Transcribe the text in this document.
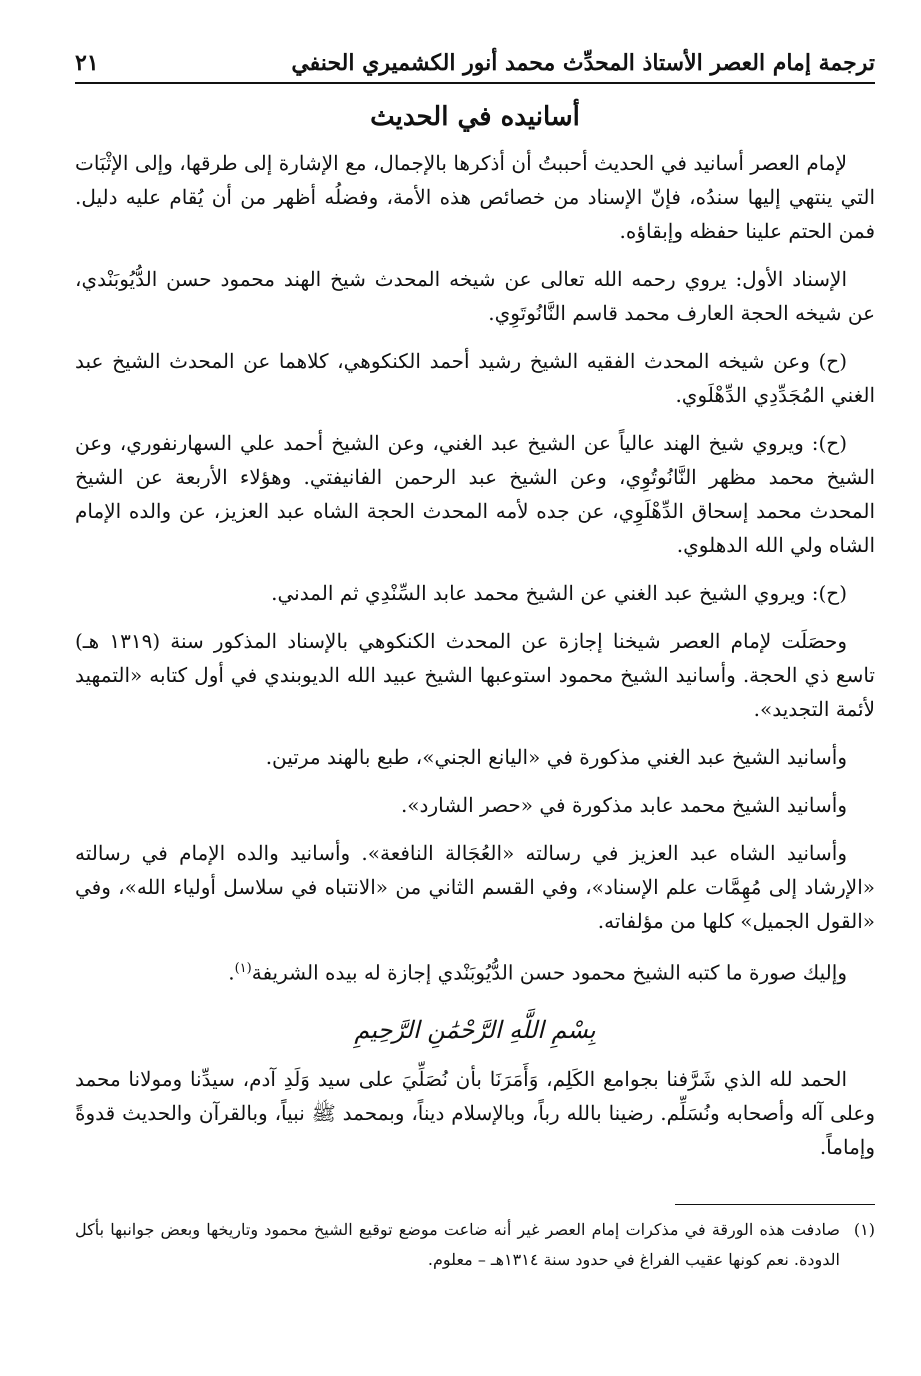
ترجمة إمام العصر الأستاذ المحدِّث محمد أنور الكشميري الحنفي
٢١
أسانيده في الحديث

لإمام العصر أسانيد في الحديث أحببتُ أن أذكرها بالإجمال، مع الإشارة إلى طرقها، وإلى الإثْبَات التي ينتهي إليها سندُه، فإنّ الإسناد من خصائص هذه الأمة، وفضلُه أظهر من أن يُقام عليه دليل. فمن الحتم علينا حفظه وإبقاؤه.

الإسناد الأول: يروي رحمه الله تعالى عن شيخه المحدث شيخ الهند محمود حسن الدُّيُوبَنْدي، عن شيخه الحجة العارف محمد قاسم النَّانُوتَوِي.

(ح) وعن شيخه المحدث الفقيه الشيخ رشيد أحمد الكنكوهي، كلاهما عن المحدث الشيخ عبد الغني المُجَدِّدِي الدِّهْلَوي.

(ح): ويروي شيخ الهند عالياً عن الشيخ عبد الغني، وعن الشيخ أحمد علي السهارنفوري، وعن الشيخ محمد مظهر النَّانُوتُوِي، وعن الشيخ عبد الرحمن الفانيفتي. وهؤلاء الأربعة عن الشيخ المحدث محمد إسحاق الدِّهْلَوِي، عن جده لأمه المحدث الحجة الشاه عبد العزيز، عن والده الإمام الشاه ولي الله الدهلوي.

(ح): ويروي الشيخ عبد الغني عن الشيخ محمد عابد السِّنْدِي ثم المدني.

وحصَلَت لإمام العصر شيخنا إجازة عن المحدث الكنكوهي بالإسناد المذكور سنة (١٣١٩ هـ) تاسع ذي الحجة. وأسانيد الشيخ محمود استوعبها الشيخ عبيد الله الديوبندي في أول كتابه «التمهيد لأئمة التجديد».

وأسانيد الشيخ عبد الغني مذكورة في «اليانع الجني»، طبع بالهند مرتين.

وأسانيد الشيخ محمد عابد مذكورة في «حصر الشارد».

وأسانيد الشاه عبد العزيز في رسالته «العُجَالة النافعة». وأسانيد والده الإمام في رسالته «الإرشاد إلى مُهِمَّات علم الإسناد»، وفي القسم الثاني من «الانتباه في سلاسل أولياء الله»، وفي «القول الجميل» كلها من مؤلفاته.

وإليك صورة ما كتبه الشيخ محمود حسن الدُّيُوبَنْدي إجازة له بيده الشريفة$^{(١)}$.

بِسْمِ اللَّهِ الرَّحْمَٰنِ الرَّحِيمِ

الحمد لله الذي شَرَّفنا بجوامع الكَلِم، وَأَمَرَنَا بأن نُصَلِّيَ على سيد وَلَدِ آدم، سيدِّنا ومولانا محمد وعلى آله وأصحابه ونُسَلِّم. رضينا بالله رباً، وبالإسلام ديناً، وبمحمد ﷺ نبياً، وبالقرآن والحديث قدوةً وإماماً.

(١)
صادفت هذه الورقة في مذكرات إمام العصر غير أنه ضاعت موضع توقيع الشيخ محمود وتاريخها وبعض جوانبها بأكل الدودة. نعم كونها عقيب الفراغ في حدود سنة ١٣١٤هـ – معلوم.
